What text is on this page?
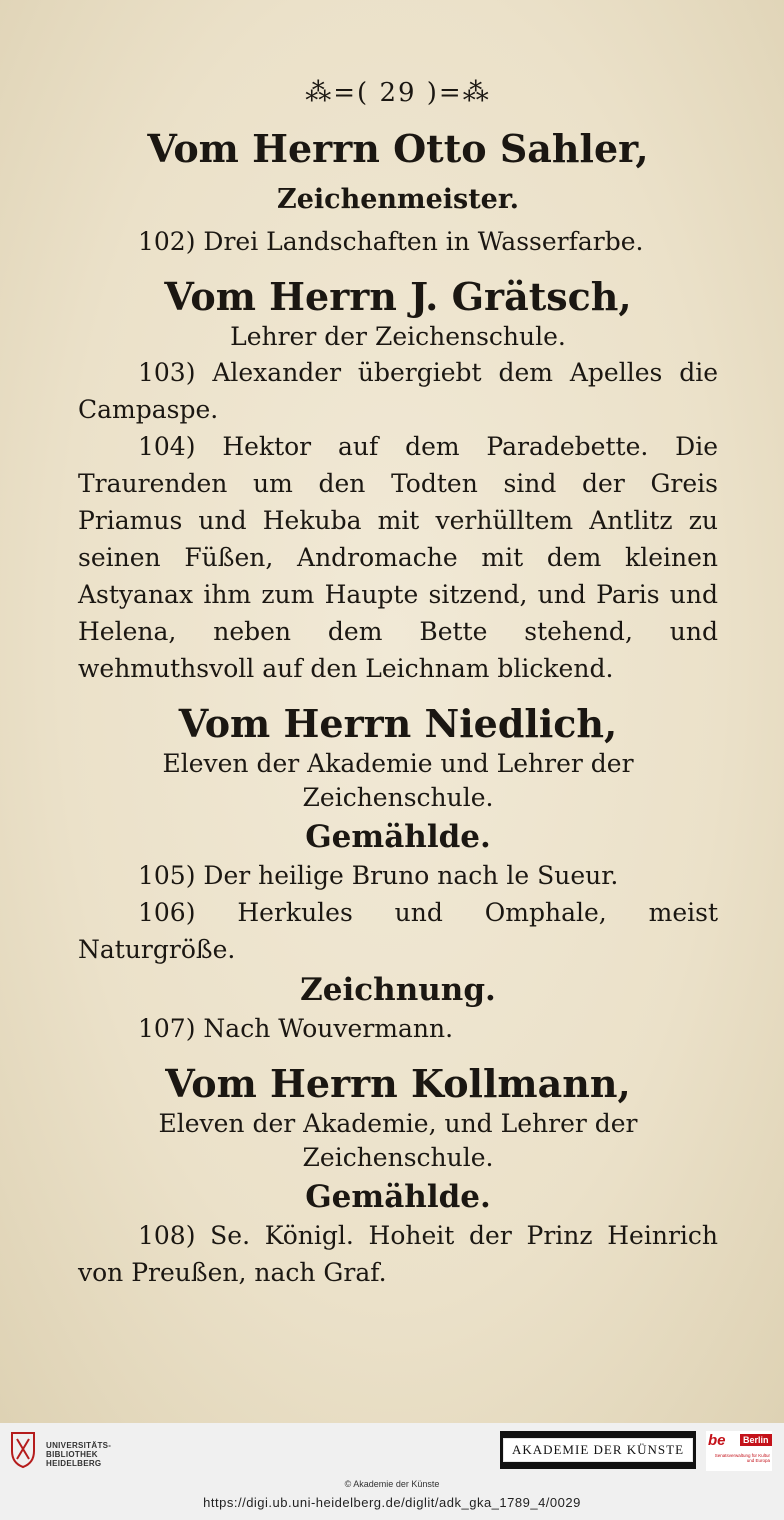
⁂=( 29 )=⁂

Vom Herrn Otto Sahler, Zeichenmeister.

102) Drei Landschaften in Wasserfarbe.

Vom Herrn J. Grätsch,

Lehrer der Zeichenschule.

103) Alexander übergiebt dem Apelles die Campaspe.

104) Hektor auf dem Paradebette. Die Traurenden um den Todten sind der Greis Priamus und Hekuba mit verhülltem Antlitz zu seinen Füßen, Andromache mit dem kleinen Astyanax ihm zum Haupte sitzend, und Paris und Helena, neben dem Bette stehend, und wehmuthsvoll auf den Leichnam blickend.

Vom Herrn Niedlich,

Eleven der Akademie und Lehrer der Zeichenschule.

Gemählde.

105) Der heilige Bruno nach le Sueur.

106) Herkules und Omphale, meist Naturgröße.

Zeichnung.

107) Nach Wouvermann.

Vom Herrn Kollmann,

Eleven der Akademie, und Lehrer der Zeichenschule.

Gemählde.

108) Se. Königl. Hoheit der Prinz Heinrich von Preußen, nach Graf.

UNIVERSITÄTS-
BIBLIOTHEK
HEIDELBERG
AKADEMIE DER KÜNSTE
be	Berlin
Senatsverwaltung für Kultur und Europa
© Akademie der Künste
https://digi.ub.uni-heidelberg.de/diglit/adk_gka_1789_4/0029
